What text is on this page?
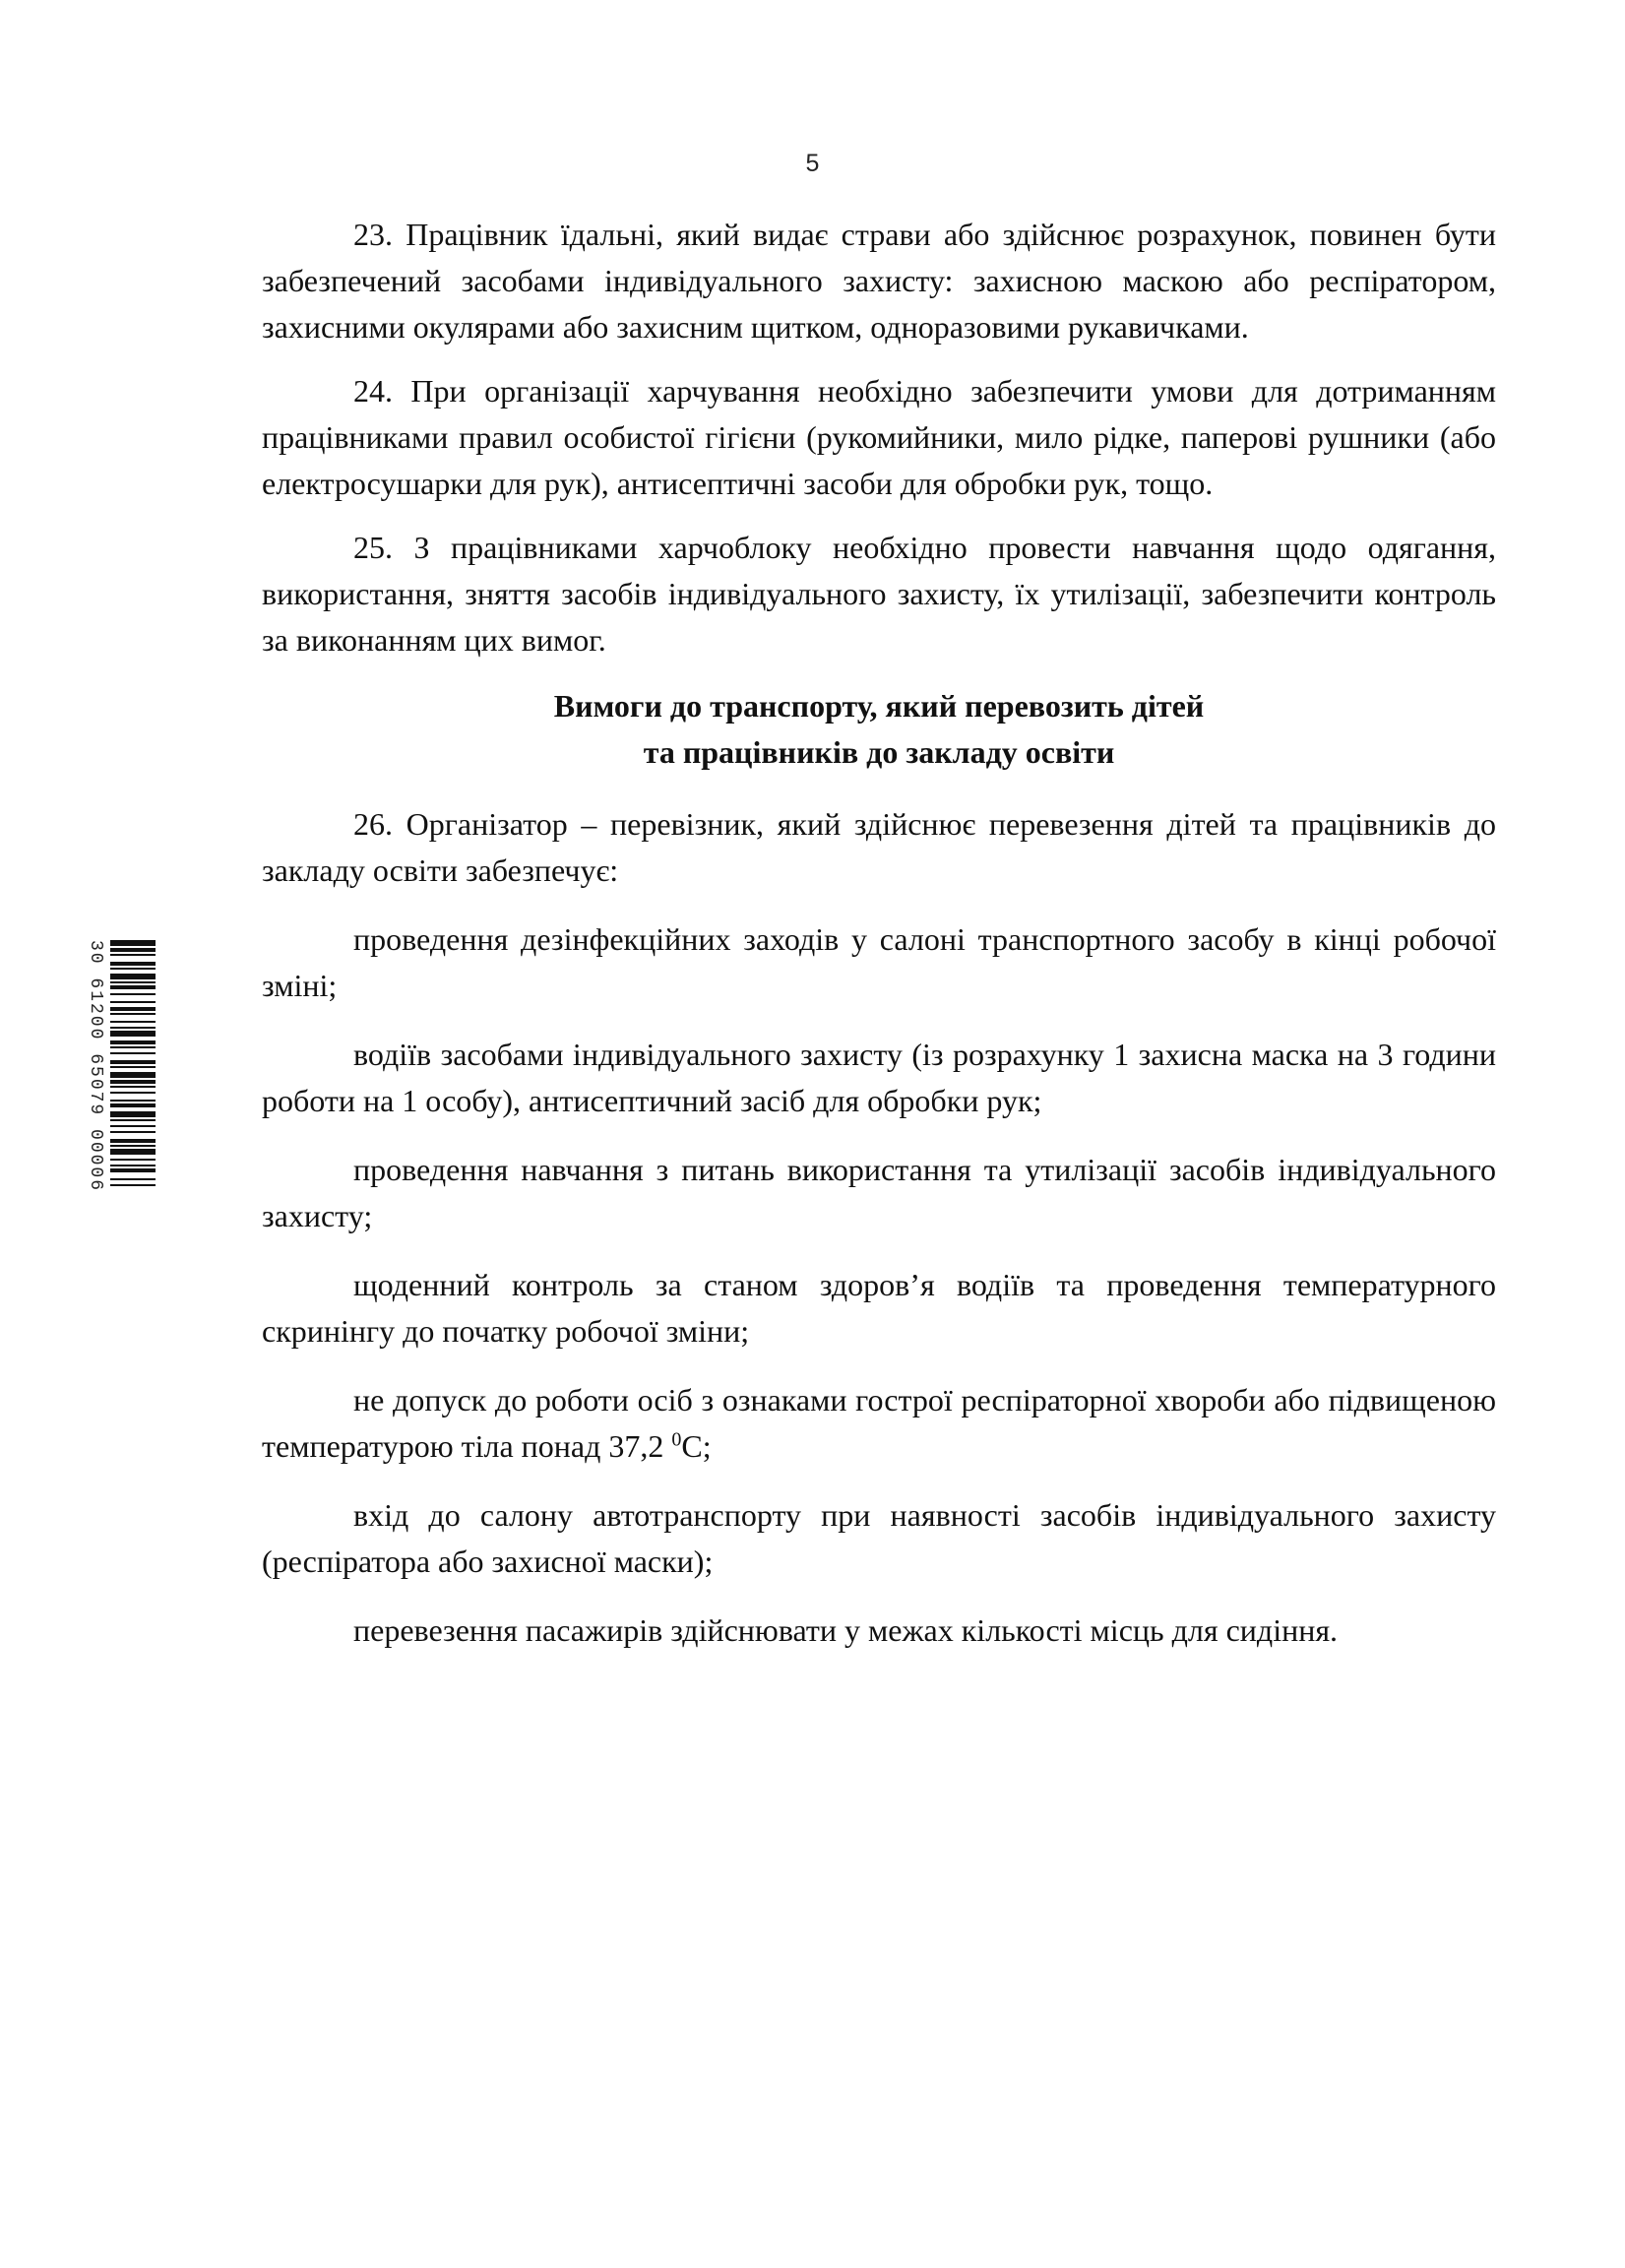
5
30 61200 65079 00006

23. Працівник їдальні, який видає страви або здійснює розрахунок, повинен бути забезпечений засобами індивідуального захисту: захисною маскою або респіратором, захисними окулярами або захисним щитком, одноразовими рукавичками.

24. При організації харчування необхідно забезпечити умови для дотриманням працівниками правил особистої гігієни (рукомийники, мило рідке, паперові рушники (або електросушарки для рук), антисептичні засоби для обробки рук, тощо.

25. З працівниками харчоблоку необхідно провести навчання щодо одягання, використання, зняття засобів індивідуального захисту, їх утилізації, забезпечити контроль за виконанням цих вимог.

Вимоги до транспорту, який перевозить дітей
та працівників до закладу освіти

26. Організатор – перевізник, який здійснює перевезення дітей та працівників до закладу освіти забезпечує:

проведення дезінфекційних заходів у салоні транспортного засобу в кінці робочої зміні;

водіїв засобами індивідуального захисту (із розрахунку 1 захисна маска на 3 години роботи на 1 особу), антисептичний засіб для обробки рук;

проведення навчання з питань використання та утилізації засобів індивідуального захисту;

щоденний контроль за станом здоров’я водіїв та проведення температурного скринінгу до початку робочої зміни;

не допуск до роботи осіб з ознаками гострої респіраторної хвороби або підвищеною температурою тіла понад 37,2 $^0$С;

вхід до салону автотранспорту при наявності засобів індивідуального захисту (респіратора або захисної маски);

перевезення пасажирів здійснювати у межах кількості місць для сидіння.
